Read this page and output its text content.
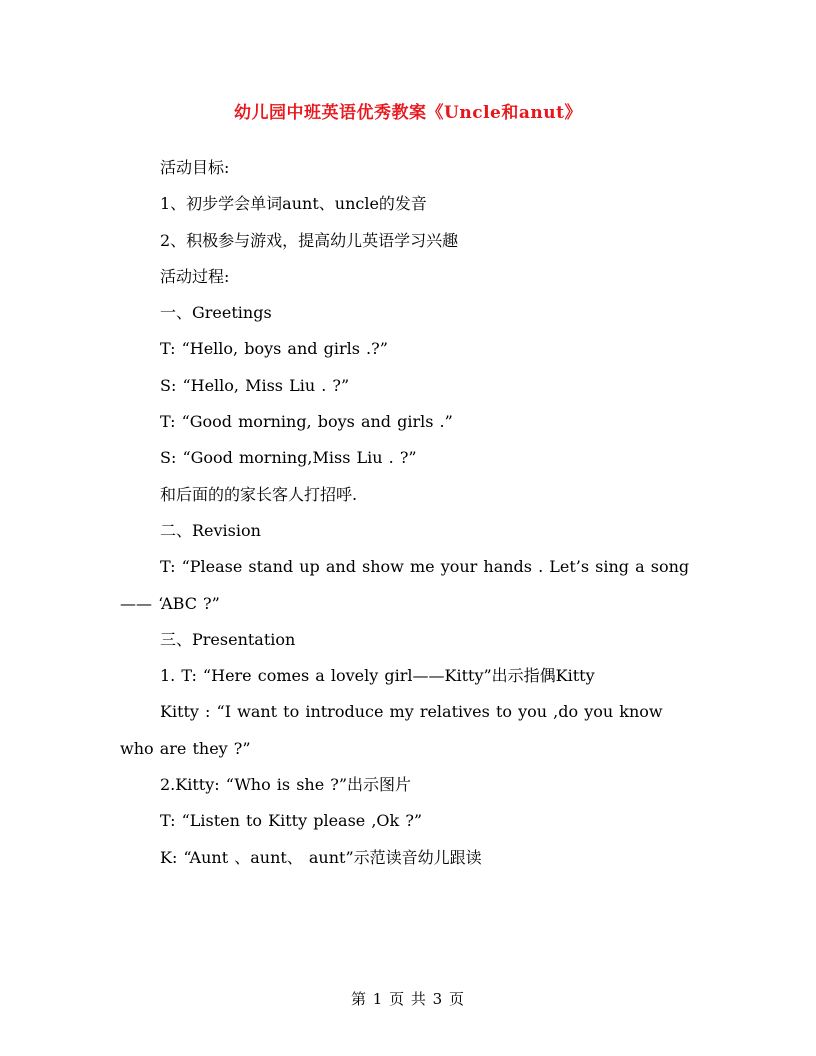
幼儿园中班英语优秀教案《Uncle和anut》

活动目标:

1、初步学会单词aunt、uncle的发音

2、积极参与游戏，提高幼儿英语学习兴趣

活动过程:

一、Greetings

T: “Hello, boys and girls .?”

S: “Hello, Miss Liu . ?”

T: “Good morning, boys and girls .”

S: “Good morning,Miss Liu . ?”

和后面的的家长客人打招呼.

二、Revision

T: “Please stand up and show me your hands . Let’s sing a song—— ‘ABC ?”

三、Presentation

1. T: “Here comes a lovely girl——Kitty”出示指偶Kitty

Kitty : “I want to introduce my relatives to you ,do you know who are they ?”

2.Kitty: “Who is she ?”出示图片

T: “Listen to Kitty please ,Ok ?”

K: “Aunt 、aunt、 aunt”示范读音幼儿跟读

第 1 页 共 3 页
